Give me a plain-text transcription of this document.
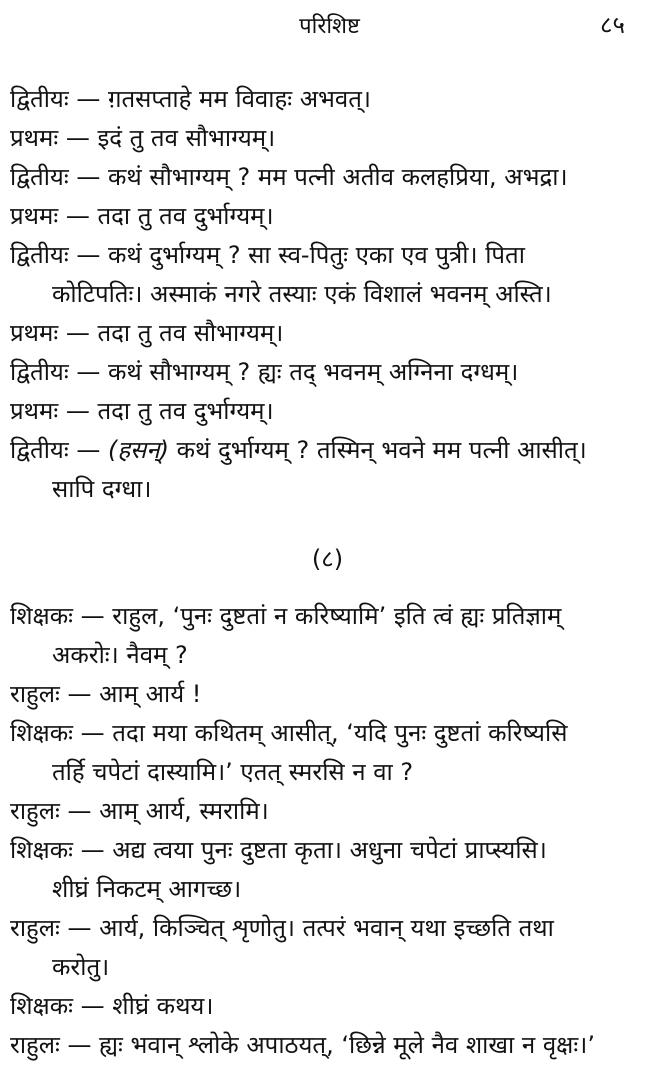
परिशिष्ट	८५

द्वितीयः — ग़तसप्ताहे मम विवाहः अभवत्।

प्रथमः — इदं तु तव सौभाग्यम्।

द्वितीयः — कथं सौभाग्यम् ? मम पत्नी अतीव कलहप्रिया, अभद्रा।

प्रथमः — तदा तु तव दुर्भाग्यम्।

द्वितीयः — कथं दुर्भाग्यम् ? सा स्व-पितुः एका एव पुत्री। पिता

कोटिपतिः। अस्माकं नगरे तस्याः एकं विशालं भवनम् अस्ति।

प्रथमः — तदा तु तव सौभाग्यम्।

द्वितीयः — कथं सौभाग्यम् ? ह्यः तद् भवनम् अग्निना दग्धम्।

प्रथमः — तदा तु तव दुर्भाग्यम्।

द्वितीयः — (हसन्) कथं दुर्भाग्यम् ? तस्मिन् भवने मम पत्नी आसीत्।

सापि दग्धा।

(८)

शिक्षकः — राहुल, ‘पुनः दुष्टतां न करिष्यामि’ इति त्वं ह्यः प्रतिज्ञाम्

अकरोः। नैवम् ?

राहुलः — आम् आर्य !

शिक्षकः — तदा मया कथितम् आसीत्, ‘यदि पुनः दुष्टतां करिष्यसि

तर्हि चपेटां दास्यामि।’ एतत् स्मरसि न वा ?

राहुलः — आम् आर्य, स्मरामि।

शिक्षकः — अद्य त्वया पुनः दुष्टता कृता। अधुना चपेटां प्राप्स्यसि।

शीघ्रं निकटम् आगच्छ।

राहुलः — आर्य, किञ्चित् शृणोतु। तत्परं भवान् यथा इच्छति तथा

करोतु।

शिक्षकः — शीघ्रं कथय।

राहुलः — ह्यः भवान् श्लोके अपाठयत्, ‘छिन्ने मूले नैव शाखा न वृक्षः।’
